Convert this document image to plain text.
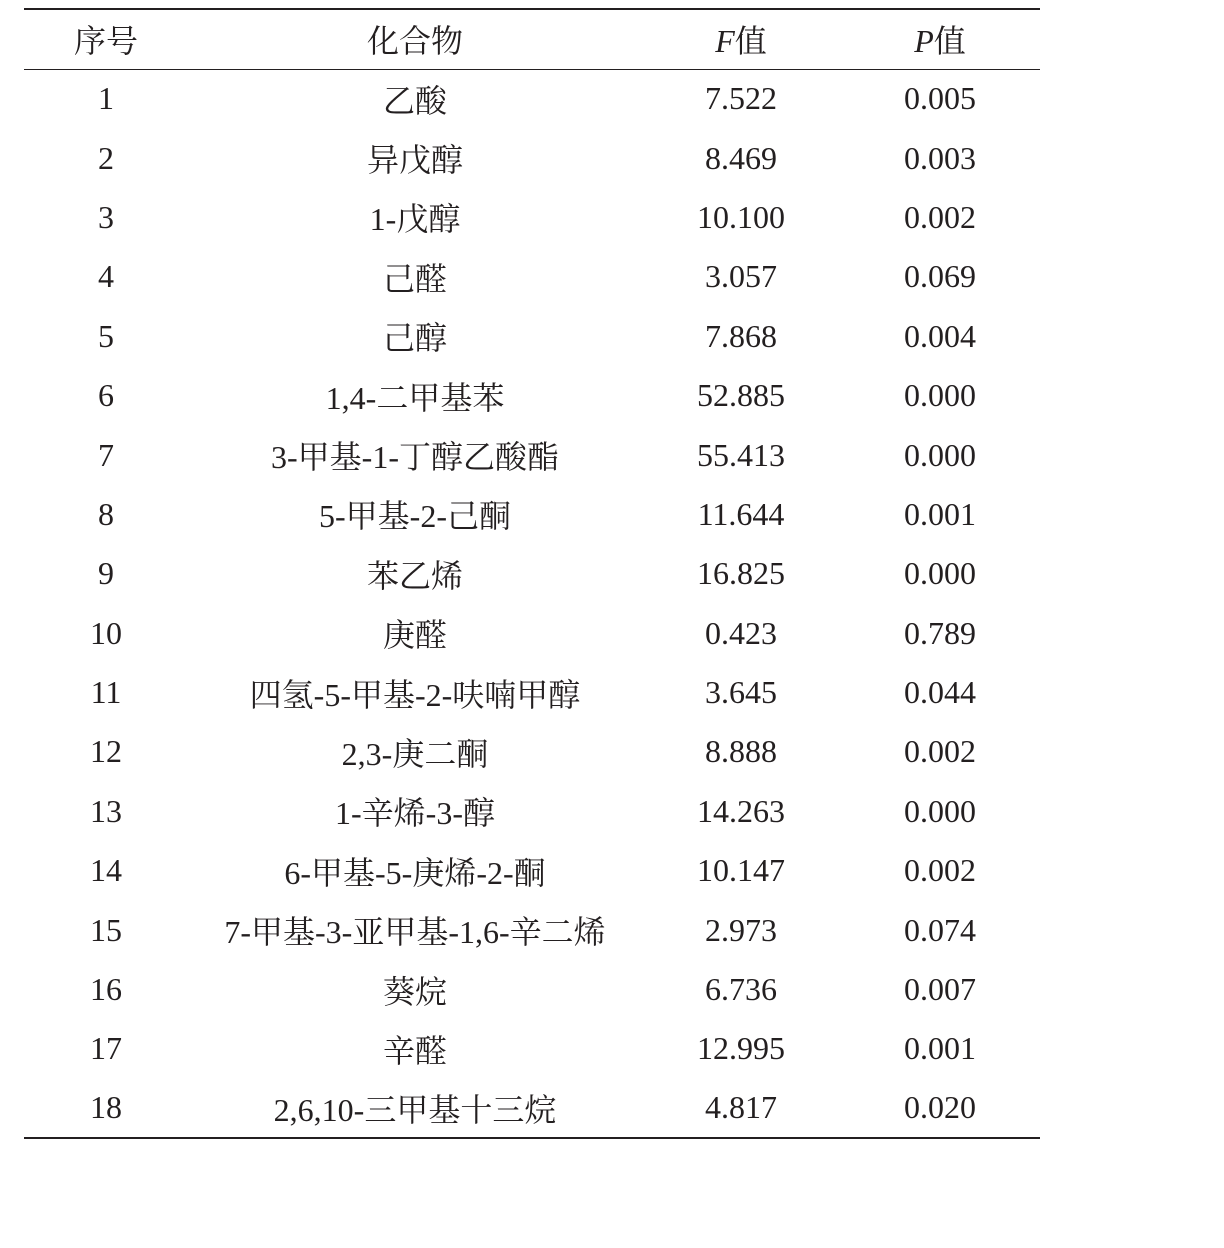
序号	化合物	F值	P值
1	乙酸	7.522	0.005
2	异戊醇	8.469	0.003
3	1-戊醇	10.100	0.002
4	己醛	3.057	0.069
5	己醇	7.868	0.004
6	1,4-二甲基苯	52.885	0.000
7	3-甲基-1-丁醇乙酸酯	55.413	0.000
8	5-甲基-2-己酮	11.644	0.001
9	苯乙烯	16.825	0.000
10	庚醛	0.423	0.789
11	四氢-5-甲基-2-呋喃甲醇	3.645	0.044
12	2,3-庚二酮	8.888	0.002
13	1-辛烯-3-醇	14.263	0.000
14	6-甲基-5-庚烯-2-酮	10.147	0.002
15	7-甲基-3-亚甲基-1,6-辛二烯	2.973	0.074
16	葵烷	6.736	0.007
17	辛醛	12.995	0.001
18	2,6,10-三甲基十三烷	4.817	0.020
